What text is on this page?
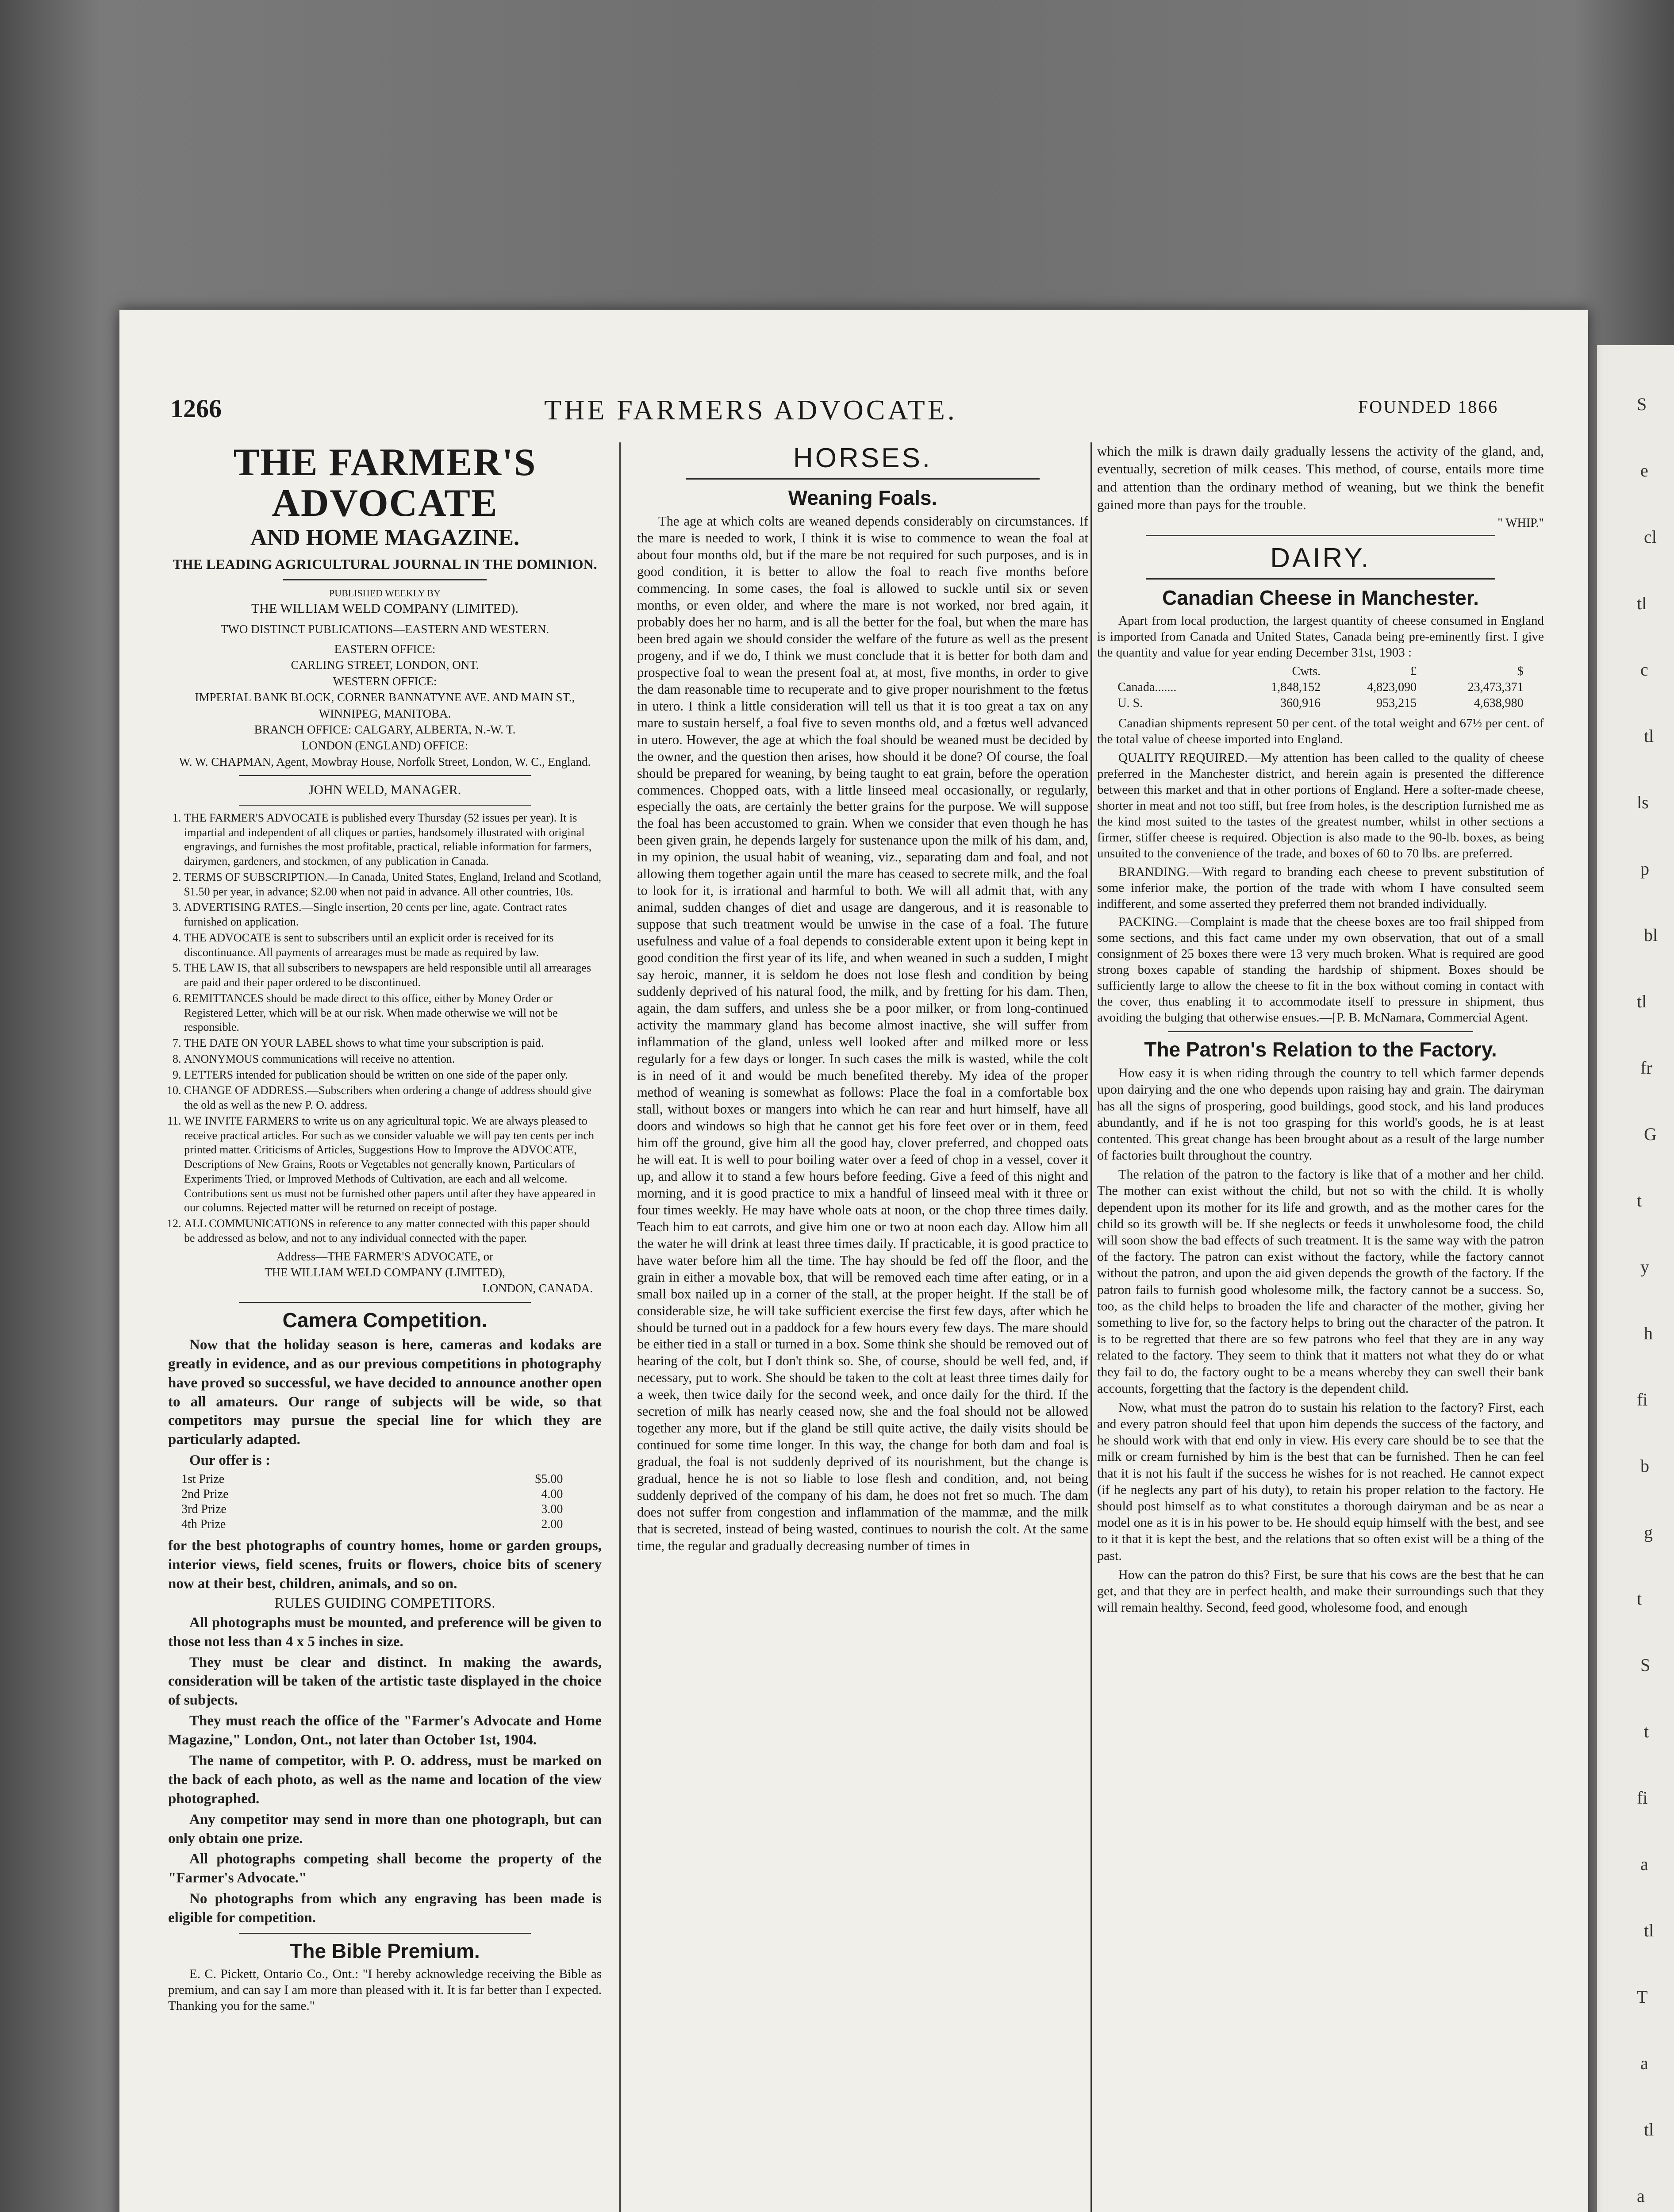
S
e
cl
tl
c
tl
ls
p
bl
tl
fr
G
t
y
h
fi
b
g
t
S
t
fi
a
tl
T
a
tl
a
1266	THE FARMERS ADVOCATE.	FOUNDED 1866
THE FARMER'S ADVOCATE
AND HOME MAGAZINE.
THE LEADING AGRICULTURAL JOURNAL IN THE DOMINION.
PUBLISHED WEEKLY BY
THE WILLIAM WELD COMPANY (LIMITED).
TWO DISTINCT PUBLICATIONS—EASTERN AND WESTERN.
EASTERN OFFICE:
CARLING STREET, LONDON, ONT.
WESTERN OFFICE:
IMPERIAL BANK BLOCK, CORNER BANNATYNE AVE. AND MAIN ST., WINNIPEG, MANITOBA.
BRANCH OFFICE: CALGARY, ALBERTA, N.-W. T.
LONDON (ENGLAND) OFFICE:
W. W. CHAPMAN, Agent, Mowbray House, Norfolk Street, London, W. C., England.
JOHN WELD, MANAGER.
1. THE FARMER'S ADVOCATE is published every Thursday (52 issues per year). It is impartial and independent of all cliques or parties, handsomely illustrated with original engravings, and furnishes the most profitable, practical, reliable information for farmers, dairymen, gardeners, and stockmen, of any publication in Canada.
2. TERMS OF SUBSCRIPTION.—In Canada, United States, England, Ireland and Scotland, $1.50 per year, in advance; $2.00 when not paid in advance. All other countries, 10s.
3. ADVERTISING RATES.—Single insertion, 20 cents per line, agate. Contract rates furnished on application.
4. THE ADVOCATE is sent to subscribers until an explicit order is received for its discontinuance. All payments of arrearages must be made as required by law.
5. THE LAW IS, that all subscribers to newspapers are held responsible until all arrearages are paid and their paper ordered to be discontinued.
6. REMITTANCES should be made direct to this office, either by Money Order or Registered Letter, which will be at our risk. When made otherwise we will not be responsible.
7. THE DATE ON YOUR LABEL shows to what time your subscription is paid.
8. ANONYMOUS communications will receive no attention.
9. LETTERS intended for publication should be written on one side of the paper only.
10. CHANGE OF ADDRESS.—Subscribers when ordering a change of address should give the old as well as the new P. O. address.
11. WE INVITE FARMERS to write us on any agricultural topic. We are always pleased to receive practical articles. For such as we consider valuable we will pay ten cents per inch printed matter. Criticisms of Articles, Suggestions How to Improve the ADVOCATE, Descriptions of New Grains, Roots or Vegetables not generally known, Particulars of Experiments Tried, or Improved Methods of Cultivation, are each and all welcome. Contributions sent us must not be furnished other papers until after they have appeared in our columns. Rejected matter will be returned on receipt of postage.
12. ALL COMMUNICATIONS in reference to any matter connected with this paper should be addressed as below, and not to any individual connected with the paper.
Address—THE FARMER'S ADVOCATE, or
THE WILLIAM WELD COMPANY (LIMITED),
LONDON, CANADA.
Camera Competition.

Now that the holiday season is here, cameras and kodaks are greatly in evidence, and as our previous competitions in photography have proved so successful, we have decided to announce another open to all amateurs. Our range of subjects will be wide, so that competitors may pursue the special line for which they are particularly adapted.

Our offer is :

1st Prize	$5.00
2nd Prize	4.00
3rd Prize	3.00
4th Prize	2.00

for the best photographs of country homes, home or garden groups, interior views, field scenes, fruits or flowers, choice bits of scenery now at their best, children, animals, and so on.

RULES GUIDING COMPETITORS.

All photographs must be mounted, and preference will be given to those not less than 4 x 5 inches in size.

They must be clear and distinct. In making the awards, consideration will be taken of the artistic taste displayed in the choice of subjects.

They must reach the office of the "Farmer's Advocate and Home Magazine," London, Ont., not later than October 1st, 1904.

The name of competitor, with P. O. address, must be marked on the back of each photo, as well as the name and location of the view photographed.

Any competitor may send in more than one photograph, but can only obtain one prize.

All photographs competing shall become the property of the "Farmer's Advocate."

No photographs from which any engraving has been made is eligible for competition.

The Bible Premium.

E. C. Pickett, Ontario Co., Ont.: "I hereby acknowledge receiving the Bible as premium, and can say I am more than pleased with it. It is far better than I expected. Thanking you for the same."

HORSES.
Weaning Foals.

The age at which colts are weaned depends considerably on circumstances. If the mare is needed to work, I think it is wise to commence to wean the foal at about four months old, but if the mare be not required for such purposes, and is in good condition, it is better to allow the foal to reach five months before commencing. In some cases, the foal is allowed to suckle until six or seven months, or even older, and where the mare is not worked, nor bred again, it probably does her no harm, and is all the better for the foal, but when the mare has been bred again we should consider the welfare of the future as well as the present progeny, and if we do, I think we must conclude that it is better for both dam and prospective foal to wean the present foal at, at most, five months, in order to give the dam reasonable time to recuperate and to give proper nourishment to the fœtus in utero. I think a little consideration will tell us that it is too great a tax on any mare to sustain herself, a foal five to seven months old, and a fœtus well advanced in utero. However, the age at which the foal should be weaned must be decided by the owner, and the question then arises, how should it be done? Of course, the foal should be prepared for weaning, by being taught to eat grain, before the operation commences. Chopped oats, with a little linseed meal occasionally, or regularly, especially the oats, are certainly the better grains for the purpose. We will suppose the foal has been accustomed to grain. When we consider that even though he has been given grain, he depends largely for sustenance upon the milk of his dam, and, in my opinion, the usual habit of weaning, viz., separating dam and foal, and not allowing them together again until the mare has ceased to secrete milk, and the foal to look for it, is irrational and harmful to both. We will all admit that, with any animal, sudden changes of diet and usage are dangerous, and it is reasonable to suppose that such treatment would be unwise in the case of a foal. The future usefulness and value of a foal depends to considerable extent upon it being kept in good condition the first year of its life, and when weaned in such a sudden, I might say heroic, manner, it is seldom he does not lose flesh and condition by being suddenly deprived of his natural food, the milk, and by fretting for his dam. Then, again, the dam suffers, and unless she be a poor milker, or from long-continued activity the mammary gland has become almost inactive, she will suffer from inflammation of the gland, unless well looked after and milked more or less regularly for a few days or longer. In such cases the milk is wasted, while the colt is in need of it and would be much benefited thereby. My idea of the proper method of weaning is somewhat as follows: Place the foal in a comfortable box stall, without boxes or mangers into which he can rear and hurt himself, have all doors and windows so high that he cannot get his fore feet over or in them, feed him off the ground, give him all the good hay, clover preferred, and chopped oats he will eat. It is well to pour boiling water over a feed of chop in a vessel, cover it up, and allow it to stand a few hours before feeding. Give a feed of this night and morning, and it is good practice to mix a handful of linseed meal with it three or four times weekly. He may have whole oats at noon, or the chop three times daily. Teach him to eat carrots, and give him one or two at noon each day. Allow him all the water he will drink at least three times daily. If practicable, it is good practice to have water before him all the time. The hay should be fed off the floor, and the grain in either a movable box, that will be removed each time after eating, or in a small box nailed up in a corner of the stall, at the proper height. If the stall be of considerable size, he will take sufficient exercise the first few days, after which he should be turned out in a paddock for a few hours every few days. The mare should be either tied in a stall or turned in a box. Some think she should be removed out of hearing of the colt, but I don't think so. She, of course, should be well fed, and, if necessary, put to work. She should be taken to the colt at least three times daily for a week, then twice daily for the second week, and once daily for the third. If the secretion of milk has nearly ceased now, she and the foal should not be allowed together any more, but if the gland be still quite active, the daily visits should be continued for some time longer. In this way, the change for both dam and foal is gradual, the foal is not suddenly deprived of its nourishment, but the change is gradual, hence he is not so liable to lose flesh and condition, and, not being suddenly deprived of the company of his dam, he does not fret so much. The dam does not suffer from congestion and inflammation of the mammæ, and the milk that is secreted, instead of being wasted, continues to nourish the colt. At the same time, the regular and gradually decreasing number of times in

which the milk is drawn daily gradually lessens the activity of the gland, and, eventually, secretion of milk ceases. This method, of course, entails more time and attention than the ordinary method of weaning, but we think the benefit gained more than pays for the trouble.

" WHIP."
DAIRY.
Canadian Cheese in Manchester.

Apart from local production, the largest quantity of cheese consumed in England is imported from Canada and United States, Canada being pre-eminently first. I give the quantity and value for year ending December 31st, 1903 :

	Cwts.	£	$
Canada.......	1,848,152	4,823,090	23,473,371
U. S.	360,916	953,215	4,638,980

Canadian shipments represent 50 per cent. of the total weight and 67½ per cent. of the total value of cheese imported into England.

QUALITY REQUIRED.—My attention has been called to the quality of cheese preferred in the Manchester district, and herein again is presented the difference between this market and that in other portions of England. Here a softer-made cheese, shorter in meat and not too stiff, but free from holes, is the description furnished me as the kind most suited to the tastes of the greatest number, whilst in other sections a firmer, stiffer cheese is required. Objection is also made to the 90-lb. boxes, as being unsuited to the convenience of the trade, and boxes of 60 to 70 lbs. are preferred.

BRANDING.—With regard to branding each cheese to prevent substitution of some inferior make, the portion of the trade with whom I have consulted seem indifferent, and some asserted they preferred them not branded individually.

PACKING.—Complaint is made that the cheese boxes are too frail shipped from some sections, and this fact came under my own observation, that out of a small consignment of 25 boxes there were 13 very much broken. What is required are good strong boxes capable of standing the hardship of shipment. Boxes should be sufficiently large to allow the cheese to fit in the box without coming in contact with the cover, thus enabling it to accommodate itself to pressure in shipment, thus avoiding the bulging that otherwise ensues.—[P. B. McNamara, Commercial Agent.

The Patron's Relation to the Factory.

How easy it is when riding through the country to tell which farmer depends upon dairying and the one who depends upon raising hay and grain. The dairyman has all the signs of prospering, good buildings, good stock, and his land produces abundantly, and if he is not too grasping for this world's goods, he is at least contented. This great change has been brought about as a result of the large number of factories built throughout the country.

The relation of the patron to the factory is like that of a mother and her child. The mother can exist without the child, but not so with the child. It is wholly dependent upon its mother for its life and growth, and as the mother cares for the child so its growth will be. If she neglects or feeds it unwholesome food, the child will soon show the bad effects of such treatment. It is the same way with the patron of the factory. The patron can exist without the factory, while the factory cannot without the patron, and upon the aid given depends the growth of the factory. If the patron fails to furnish good wholesome milk, the factory cannot be a success. So, too, as the child helps to broaden the life and character of the mother, giving her something to live for, so the factory helps to bring out the character of the patron. It is to be regretted that there are so few patrons who feel that they are in any way related to the factory. They seem to think that it matters not what they do or what they fail to do, the factory ought to be a means whereby they can swell their bank accounts, forgetting that the factory is the dependent child.

Now, what must the patron do to sustain his relation to the factory? First, each and every patron should feel that upon him depends the success of the factory, and he should work with that end only in view. His every care should be to see that the milk or cream furnished by him is the best that can be furnished. Then he can feel that it is not his fault if the success he wishes for is not reached. He cannot expect (if he neglects any part of his duty), to retain his proper relation to the factory. He should post himself as to what constitutes a thorough dairyman and be as near a model one as it is in his power to be. He should equip himself with the best, and see to it that it is kept the best, and the relations that so often exist will be a thing of the past.

How can the patron do this? First, be sure that his cows are the best that he can get, and that they are in perfect health, and make their surroundings such that they will remain healthy. Second, feed good, wholesome food, and enough
